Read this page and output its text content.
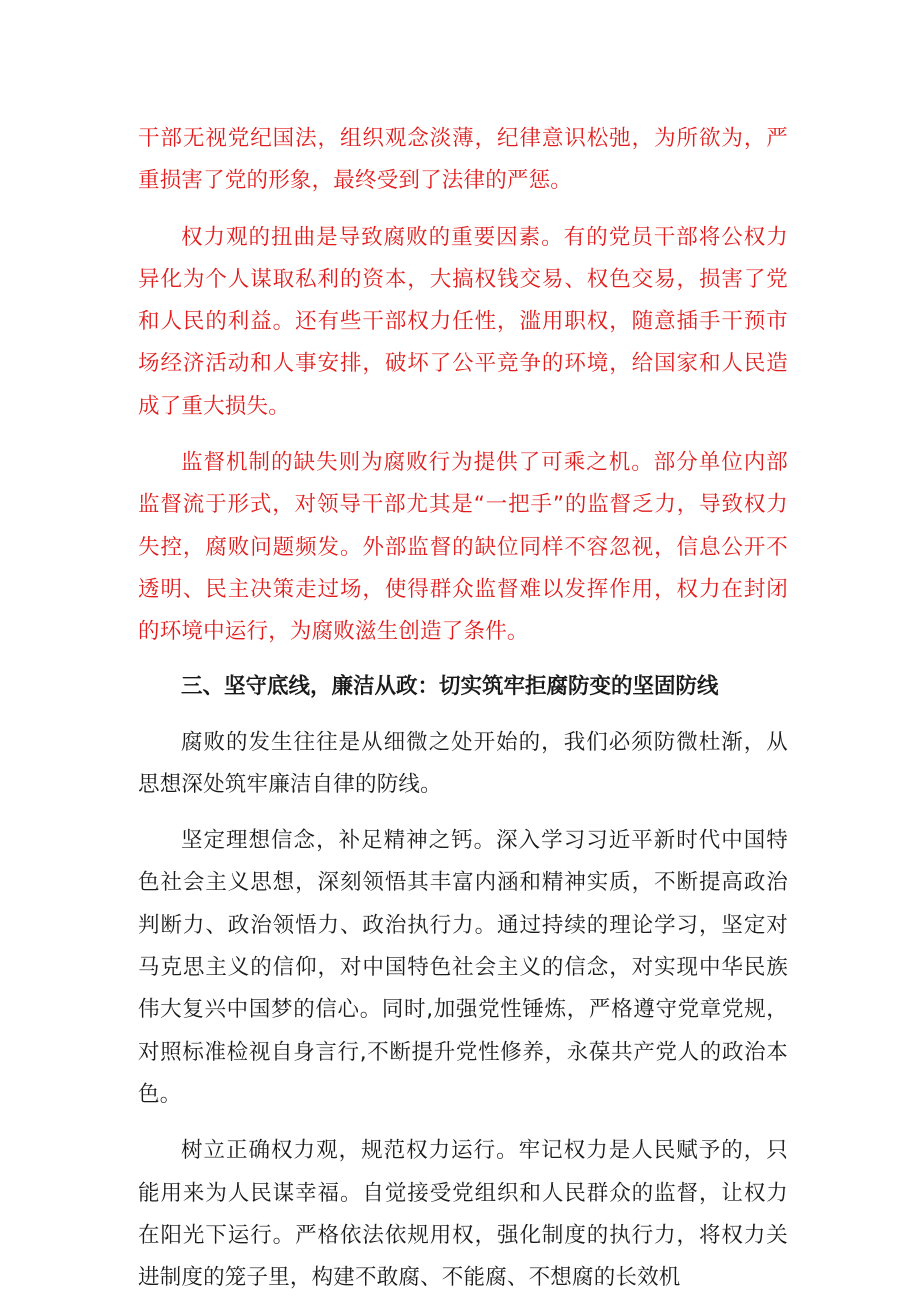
干部无视党纪国法，组织观念淡薄，纪律意识松弛，为所欲为，严重损害了党的形象，最终受到了法律的严惩。

权力观的扭曲是导致腐败的重要因素。有的党员干部将公权力异化为个人谋取私利的资本，大搞权钱交易、权色交易，损害了党和人民的利益。还有些干部权力任性，滥用职权，随意插手干预市场经济活动和人事安排，破坏了公平竞争的环境，给国家和人民造成了重大损失。

监督机制的缺失则为腐败行为提供了可乘之机。部分单位内部监督流于形式，对领导干部尤其是“一把手”的监督乏力，导致权力失控，腐败问题频发。外部监督的缺位同样不容忽视，信息公开不透明、民主决策走过场，使得群众监督难以发挥作用，权力在封闭的环境中运行，为腐败滋生创造了条件。

三、坚守底线，廉洁从政：切实筑牢拒腐防变的坚固防线

腐败的发生往往是从细微之处开始的，我们必须防微杜渐，从思想深处筑牢廉洁自律的防线。

坚定理想信念，补足精神之钙。深入学习习近平新时代中国特色社会主义思想，深刻领悟其丰富内涵和精神实质，不断提高政治判断力、政治领悟力、政治执行力。通过持续的理论学习，坚定对马克思主义的信仰，对中国特色社会主义的信念，对实现中华民族伟大复兴中国梦的信心。同时,加强党性锤炼，严格遵守党章党规，对照标准检视自身言行,不断提升党性修养，永葆共产党人的政治本色。

树立正确权力观，规范权力运行。牢记权力是人民赋予的，只能用来为人民谋幸福。自觉接受党组织和人民群众的监督，让权力在阳光下运行。严格依法依规用权，强化制度的执行力，将权力关进制度的笼子里，构建不敢腐、不能腐、不想腐的长效机
